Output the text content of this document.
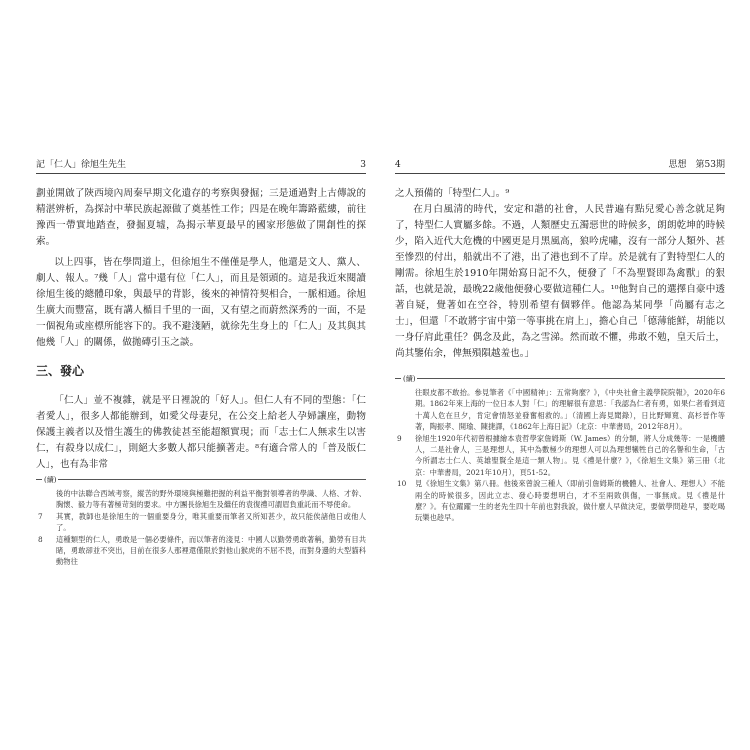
記「仁人」徐旭生先生	3

劃並開啟了陝西境內周秦早期文化遺存的考察與發掘；三是通過對上古傳說的精湛辨析，為探討中華民族起源做了奠基性工作；四是在晚年籌路藍縷，前往豫西一帶實地踏查，發掘夏墟，為揭示華夏最早的國家形態做了開創性的探索。

以上四事，皆在學問道上，但徐旭生不僅僅是學人，他還是文人、黨人、劇人、報人。⁷幾「人」當中還有位「仁人」，而且是領頭的。這是我近來閱讀徐旭生後的總體印象，與最早的背影，後來的神情符契相合，一脈相通。徐旭生廣大而豐富，既有講人楯目千里的一面，又有望之而蔚然深秀的一面，不是一個視角或座標所能容下的。我不避淺陋，就徐先生身上的「仁人」及其與其他幾「人」的關係，做拋磚引玉之談。

三、發心

「仁人」並不複雜，就是平日裡說的「好人」。但仁人有不同的型態：「仁者愛人」，很多人都能辦到，如愛父母妻兒，在公交上給老人孕婦讓座，動物保護主義者以及惜生護生的佛教徒甚至能超額實現；而「志士仁人無求生以害仁，有殺身以成仁」，則絕大多數人都只能擴著走。⁸有適合常人的「普及版仁人」，也有為非常

(續)
後的中法聯合西域考察，縱苦的野外環境與極難把握的利益平衡對領導者的學識、人格、才幹、胸懷、毅力等有著極苛刻的要求。中方團長徐旭生及繼任的袁復禮可謂眉負重託而不辱使命。
7	其實，教師也是徐旭生的一個重要身分，唯其重要而筆者又所知甚少，故只能俟諸他日或他人了。
8	這種類型的仁人，勇敢是一個必要條件，而以筆者的淺見：中國人以勤勞勇敢著稱，勤勞有目共睹，勇敢卻並不突出，目前在很多人那裡還僅限於對他山猴虎的不屈不畏，而對身邊的大型貓科動物往
4	思想　第53期

之人預備的「特型仁人」。⁹

在月白風清的時代，安定和諧的社會，人民普遍有點兒愛心善念就足夠了，特型仁人實屬多餘。不過，人類歷史五濁惡世的時候多，朗朗乾坤的時候少，陷入近代大危機的中國更是月黑風高，狼吟虎嘯，沒有一部分人類外、甚至慘烈的付出，船就出不了港，出了港也到不了岸。於是就有了對特型仁人的剛需。徐旭生於1910年開始寫日記不久，便發了「不為聖賢即為禽獸」的狠話，也就是說，最晚22歲他便發心要做這種仁人。¹⁰他對自己的選擇自豪中透著自疑，覺著如在空谷，特別希望有個夥伴。他認為某同學「尚屬有志之士」，但還「不敢將宇宙中第一等事挑在肩上」，擔心自己「德薄能鮮，胡能以一身仔肩此重任？偶念及此，為之雪涕。然而敢不懼，弗敢不勉，皇天后土，尚其鑒佑余，俾無殞隕越羞也。」

(續)
往眼皮都不敢抬。參見筆者《「中國精神」：五常夠麼？》，《中央社會主義學院院報》，2020年6期。1862年來上海的一位日本人對「仁」的理解很有意思：「我認為仁者有勇，如果仁者看到這十萬人危在旦夕，肯定會情怒並發奮相救的。」（清國上海見聞錄），日比野輝寬、高杉晉作等著，陶振孝、開瑜、陳捷譯，《1862年上海日記》（北京：中華書局，2012年8月）。
9	徐旭生1920年代初曾根據繪本袁哲學家詹姆斯（W. James）的分類，將人分成幾等：一是機體人，二是社會人，三是理想人，其中為數極少的理想人可以為理想犧牲自己的名譽和生命，「古今所謂志士仁人、英雄聖賢全是這一類人物」。見《禮是什麼？》，《徐旭生文集》第三冊（北京：中華書局，2021年10月），頁51-52。
10	見《徐旭生文集》第八冊。他後來曾說三種人（即前引詹姆斯的機體人、社會人、理想人）不能兩全的時候很多，因此立志、發心時要想明白，才不至兩敗俱傷，一事無成。見《禮是什麼？》。有位躍躍一生的老先生四十年前也對我說，做什麼人早做決定，要做學問趁早，要吃喝玩樂也趁早。
